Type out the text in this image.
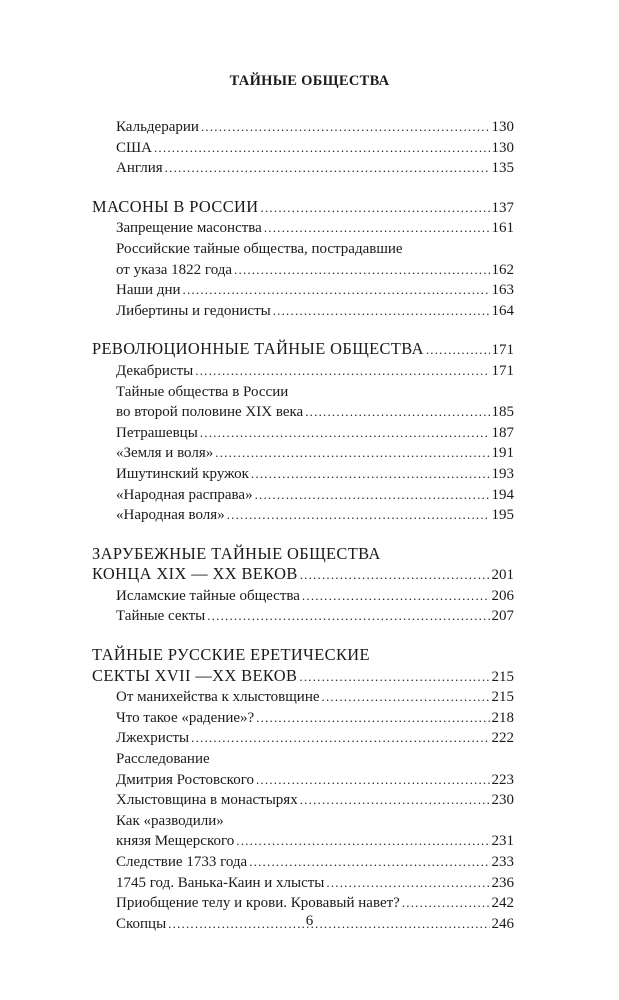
ТАЙНЫЕ ОБЩЕСТВА
Кальдерарии .....	130
США .....	130
Англия .....	135
МАСОНЫ В РОССИИ .....	137
Запрещение масонства .....	161
Российские тайные общества, пострадавшие
от указа 1822 года .....	162
Наши дни .....	163
Либертины и гедонисты .....	164
РЕВОЛЮЦИОННЫЕ ТАЙНЫЕ ОБЩЕСТВА .....	171
Декабристы .....	171
Тайные общества в России
во второй половине XIX века .....	185
Петрашевцы .....	187
«Земля и воля» .....	191
Ишутинский кружок .....	193
«Народная расправа» .....	194
«Народная воля» .....	195
ЗАРУБЕЖНЫЕ ТАЙНЫЕ ОБЩЕСТВА
КОНЦА XIX — XX ВЕКОВ .....	201
Исламские тайные общества .....	206
Тайные секты .....	207
ТАЙНЫЕ РУССКИЕ ЕРЕТИЧЕСКИЕ
СЕКТЫ XVII —XX ВЕКОВ .....	215
От манихейства к хлыстовщине .....	215
Что такое «радение»? .....	218
Лжехристы .....	222
Расследование
Дмитрия Ростовского .....	223
Хлыстовщина в монастырях .....	230
Как «разводили»
князя Мещерского .....	231
Следствие 1733 года .....	233
1745 год. Ванька-Каин и хлысты .....	236
Приобщение телу и крови. Кровавый навет? .....	242
Скопцы .....	246
6
